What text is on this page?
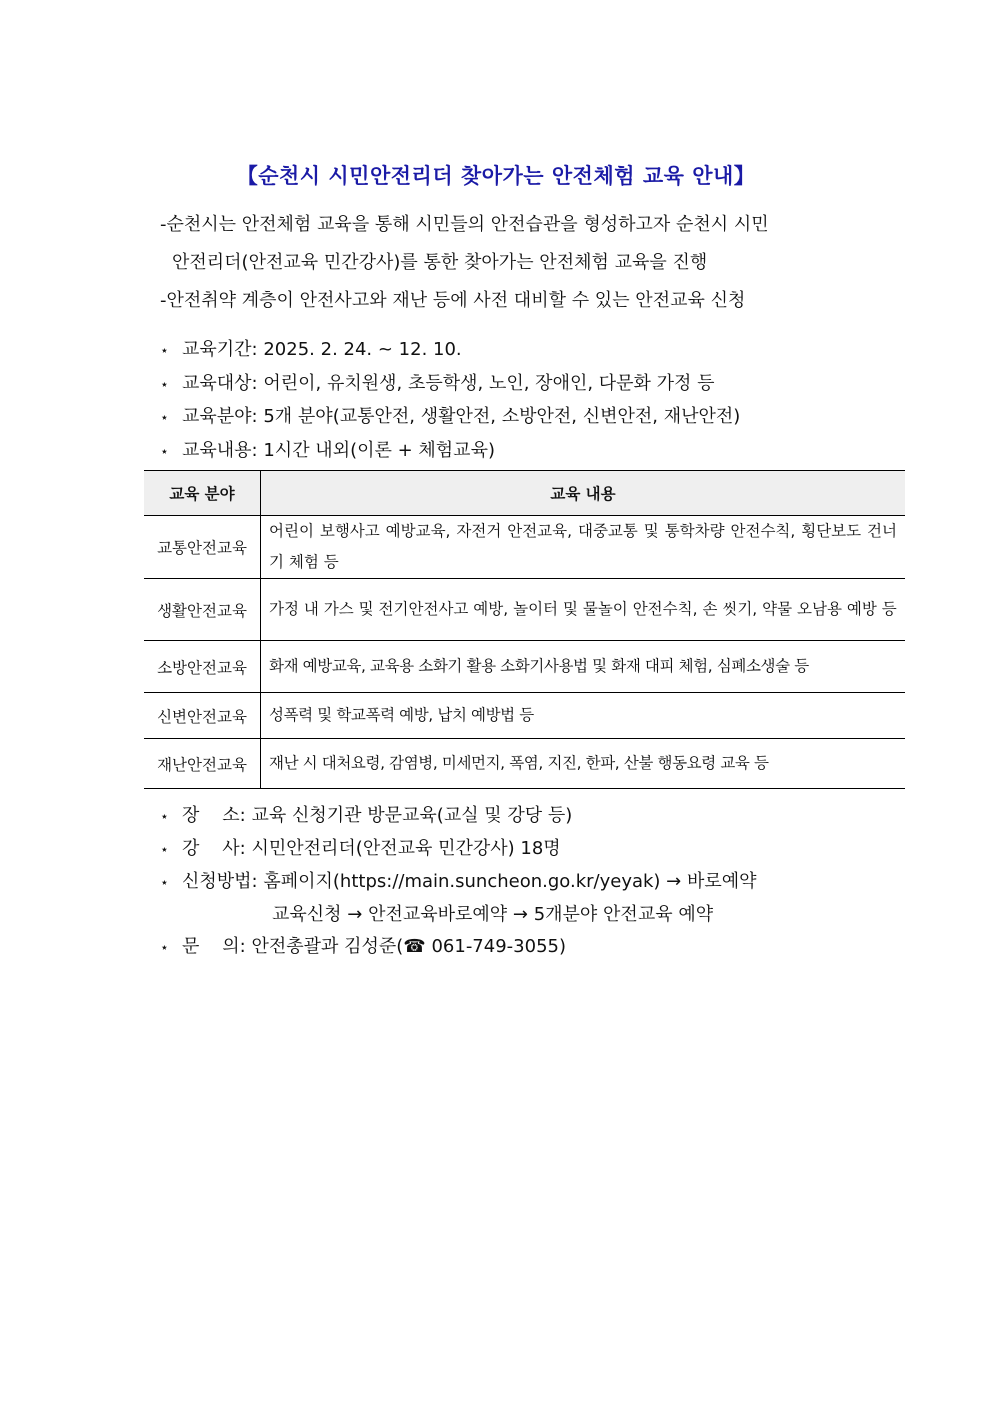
【순천시 시민안전리더 찾아가는 안전체험 교육 안내】
-순천시는 안전체험 교육을 통해 시민들의 안전습관을 형성하고자 순천시 시민
안전리더(안전교육 민간강사)를 통한 찾아가는 안전체험 교육을 진행
-안전취약 계층이 안전사고와 재난 등에 사전 대비할 수 있는 안전교육 신청
⋆ 교육기간: 2025. 2. 24. ~ 12. 10.
⋆ 교육대상: 어린이, 유치원생, 초등학생, 노인, 장애인, 다문화 가정 등
⋆ 교육분야: 5개 분야(교통안전, 생활안전, 소방안전, 신변안전, 재난안전)
⋆ 교육내용: 1시간 내외(이론 + 체험교육)
교육 분야	교육 내용
교통안전교육	어린이 보행사고 예방교육, 자전거 안전교육, 대중교통 및 통학차량 안전수칙, 횡단보도 건너기 체험 등
생활안전교육	가정 내 가스 및 전기안전사고 예방, 놀이터 및 물놀이 안전수칙, 손 씻기, 약물 오남용 예방 등
소방안전교육	화재 예방교육, 교육용 소화기 활용 소화기사용법 및 화재 대피 체험, 심폐소생술 등
신변안전교육	성폭력 및 학교폭력 예방, 납치 예방법 등
재난안전교육	재난 시 대처요령, 감염병, 미세먼지, 폭염, 지진, 한파, 산불 행동요령 교육 등
⋆ 장    소: 교육 신청기관 방문교육(교실 및 강당 등)
⋆ 강    사: 시민안전리더(안전교육 민간강사) 18명
⋆ 신청방법: 홈페이지(https://main.suncheon.go.kr/yeyak) → 바로예약
교육신청 → 안전교육바로예약 → 5개분야 안전교육 예약
⋆ 문    의: 안전총괄과 김성준(☎ 061-749-3055)
